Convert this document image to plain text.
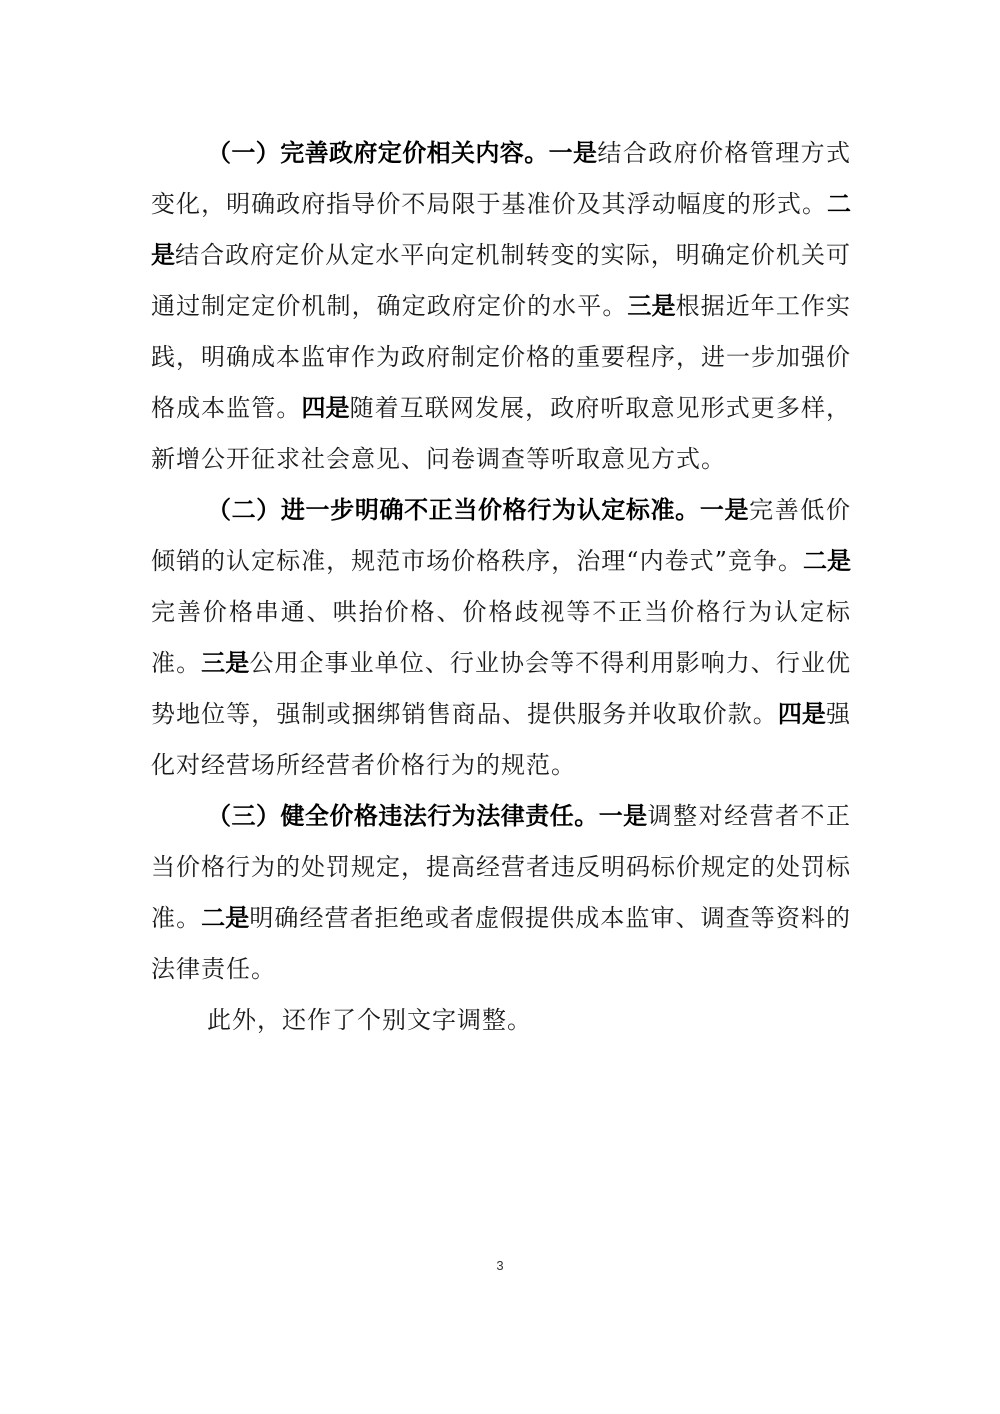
（一）完善政府定价相关内容。一是结合政府价格管理方式变化，明确政府指导价不局限于基准价及其浮动幅度的形式。二是结合政府定价从定水平向定机制转变的实际，明确定价机关可通过制定定价机制，确定政府定价的水平。三是根据近年工作实践，明确成本监审作为政府制定价格的重要程序，进一步加强价格成本监管。四是随着互联网发展，政府听取意见形式更多样，新增公开征求社会意见、问卷调查等听取意见方式。

（二）进一步明确不正当价格行为认定标准。一是完善低价倾销的认定标准，规范市场价格秩序，治理“内卷式”竞争。二是完善价格串通、哄抬价格、价格歧视等不正当价格行为认定标准。三是公用企事业单位、行业协会等不得利用影响力、行业优势地位等，强制或捆绑销售商品、提供服务并收取价款。四是强化对经营场所经营者价格行为的规范。

（三）健全价格违法行为法律责任。一是调整对经营者不正当价格行为的处罚规定，提高经营者违反明码标价规定的处罚标准。二是明确经营者拒绝或者虚假提供成本监审、调查等资料的法律责任。

此外，还作了个别文字调整。

3
